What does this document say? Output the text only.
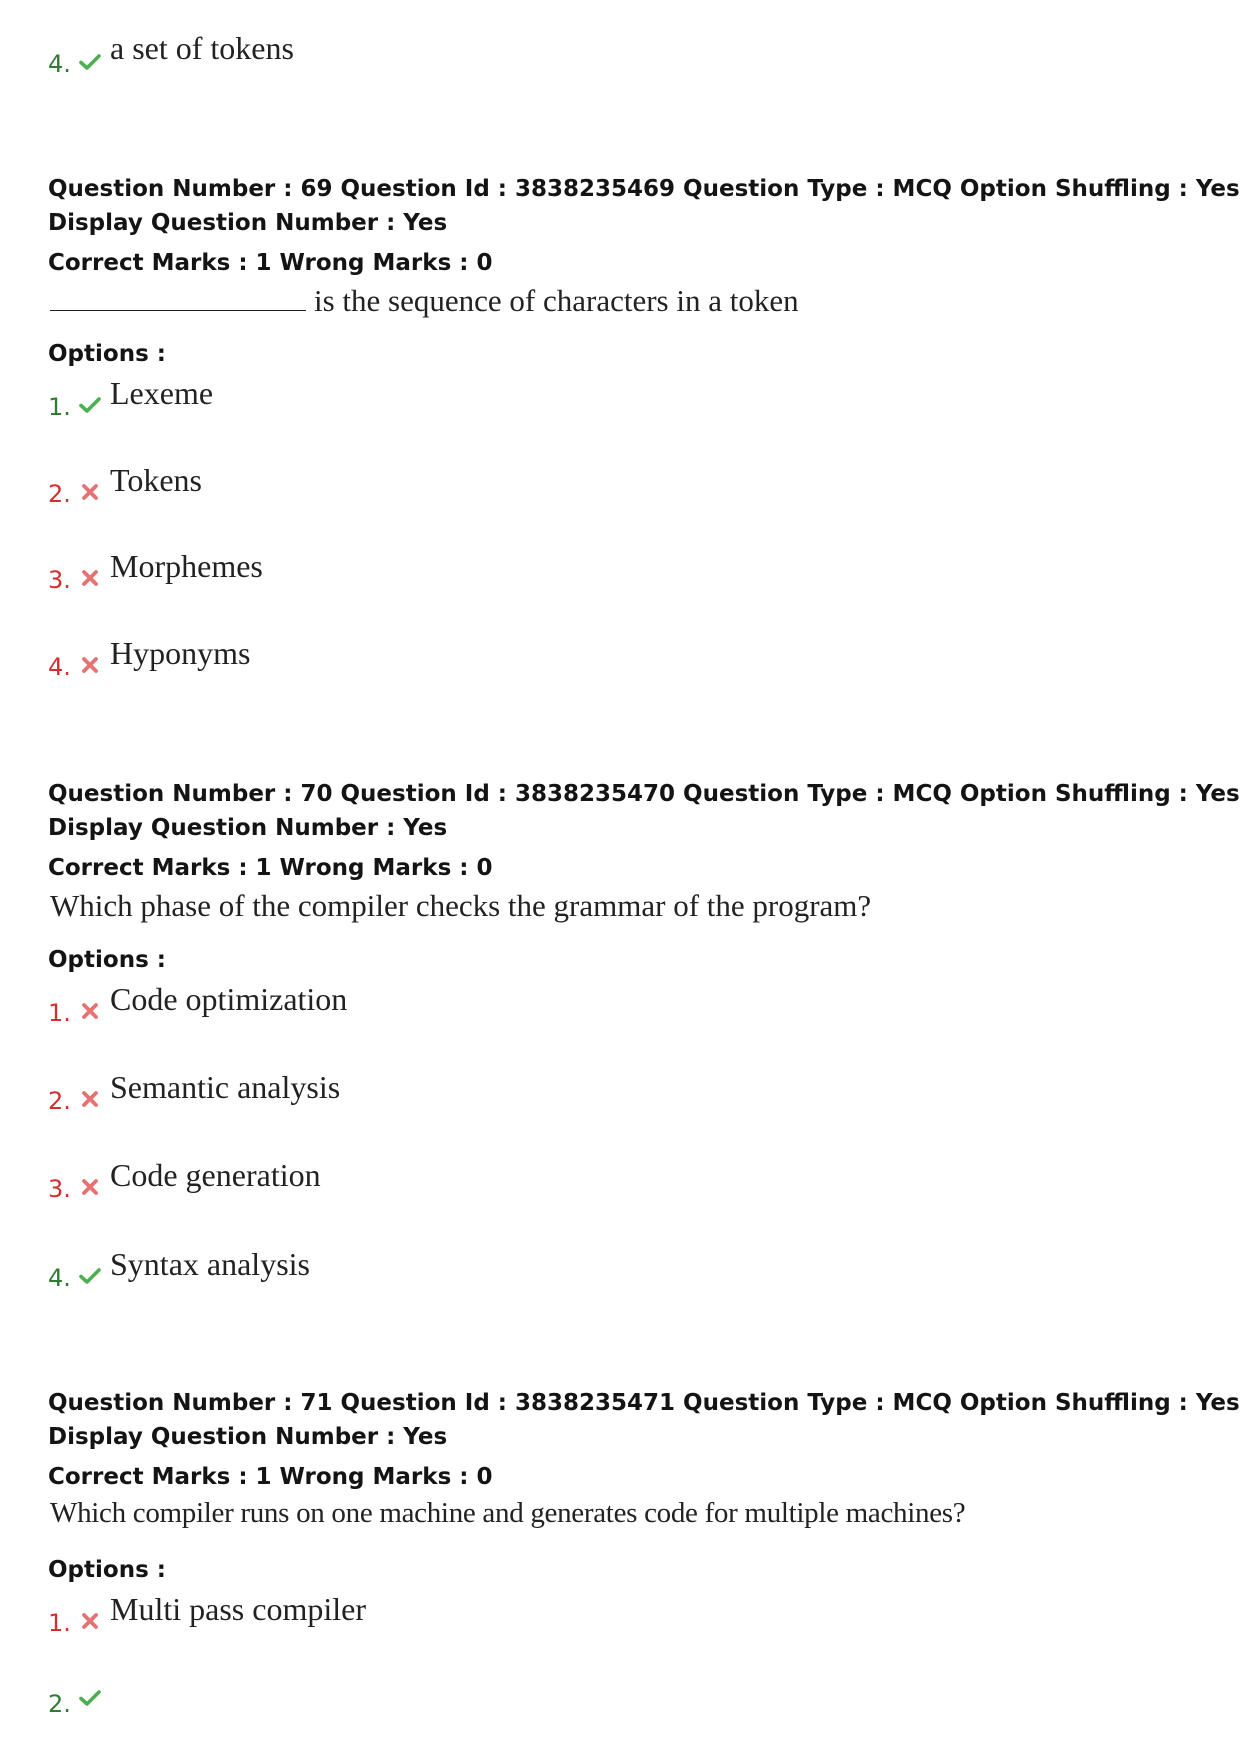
4. a set of tokens
Question Number : 69 Question Id : 3838235469 Question Type : MCQ Option Shuffling : Yes
Display Question Number : Yes
Correct Marks : 1 Wrong Marks : 0
is the sequence of characters in a token
Options :
1. Lexeme
2. Tokens
3. Morphemes
4. Hyponyms
Question Number : 70 Question Id : 3838235470 Question Type : MCQ Option Shuffling : Yes
Display Question Number : Yes
Correct Marks : 1 Wrong Marks : 0
Which phase of the compiler checks the grammar of the program?
Options :
1. Code optimization
2. Semantic analysis
3. Code generation
4. Syntax analysis
Question Number : 71 Question Id : 3838235471 Question Type : MCQ Option Shuffling : Yes
Display Question Number : Yes
Correct Marks : 1 Wrong Marks : 0
Which compiler runs on one machine and generates code for multiple machines?
Options :
1. Multi pass compiler
2.
